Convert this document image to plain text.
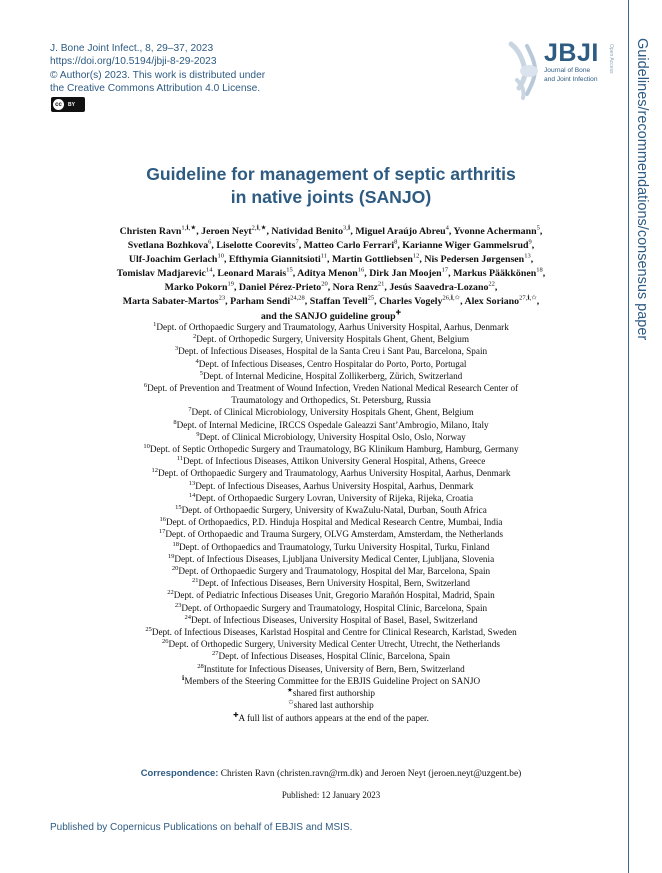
J. Bone Joint Infect., 8, 29–37, 2023
https://doi.org/10.5194/jbji-8-29-2023
© Author(s) 2023. This work is distributed under
the Creative Commons Attribution 4.0 License.
cc	BY
JBJI
Journal of Bone
and Joint Infection
Open Access Guidelines/recommendations/consensus paper
Guideline for management of septic arthritis
in native joints (SANJO)
Christen Ravn$^{1,ℹ,★}$, Jeroen Neyt$^{2,ℹ,★}$, Natividad Benito$^{3,ℹ}$, Miguel Araújo Abreu$^4$, Yvonne Achermann$^5$,
Svetlana Bozhkova$^6$, Liselotte Coorevits$^7$, Matteo Carlo Ferrari$^8$, Karianne Wiger Gammelsrud$^9$,
Ulf-Joachim Gerlach$^{10}$, Efthymia Giannitsioti$^{11}$, Martin Gottliebsen$^{12}$, Nis Pedersen Jørgensen$^{13}$,
Tomislav Madjarevic$^{14}$, Leonard Marais$^{15}$, Aditya Menon$^{16}$, Dirk Jan Moojen$^{17}$, Markus Pääkkönen$^{18}$,
Marko Pokorn$^{19}$, Daniel Pérez-Prieto$^{20}$, Nora Renz$^{21}$, Jesús Saavedra-Lozano$^{22}$,
Marta Sabater-Martos$^{23}$, Parham Sendi$^{24,28}$, Staffan Tevell$^{25}$, Charles Vogely$^{26,ℹ,✩}$, Alex Soriano$^{27,ℹ,✩}$,
and the SANJO guideline group✚
$^1$Dept. of Orthopaedic Surgery and Traumatology, Aarhus University Hospital, Aarhus, Denmark
$^2$Dept. of Orthopedic Surgery, University Hospitals Ghent, Ghent, Belgium
$^3$Dept. of Infectious Diseases, Hospital de la Santa Creu i Sant Pau, Barcelona, Spain
$^4$Dept. of Infectious Diseases, Centro Hospitalar do Porto, Porto, Portugal
$^5$Dept. of Internal Medicine, Hospital Zollikerberg, Zürich, Switzerland
$^6$Dept. of Prevention and Treatment of Wound Infection, Vreden National Medical Research Center of
Traumatology and Orthopedics, St. Petersburg, Russia
$^7$Dept. of Clinical Microbiology, University Hospitals Ghent, Ghent, Belgium
$^8$Dept. of Internal Medicine, IRCCS Ospedale Galeazzi Sant’Ambrogio, Milano, Italy
$^9$Dept. of Clinical Microbiology, University Hospital Oslo, Oslo, Norway
$^{10}$Dept. of Septic Orthopedic Surgery and Traumatology, BG Klinikum Hamburg, Hamburg, Germany
$^{11}$Dept. of Infectious Diseases, Attikon University General Hospital, Athens, Greece
$^{12}$Dept. of Orthopaedic Surgery and Traumatology, Aarhus University Hospital, Aarhus, Denmark
$^{13}$Dept. of Infectious Diseases, Aarhus University Hospital, Aarhus, Denmark
$^{14}$Dept. of Orthopaedic Surgery Lovran, University of Rijeka, Rijeka, Croatia
$^{15}$Dept. of Orthopaedic Surgery, University of KwaZulu-Natal, Durban, South Africa
$^{16}$Dept. of Orthopaedics, P.D. Hinduja Hospital and Medical Research Centre, Mumbai, India
$^{17}$Dept. of Orthopaedic and Trauma Surgery, OLVG Amsterdam, Amsterdam, the Netherlands
$^{18}$Dept. of Orthopaedics and Traumatology, Turku University Hospital, Turku, Finland
$^{19}$Dept. of Infectious Diseases, Ljubljana University Medical Center, Ljubljana, Slovenia
$^{20}$Dept. of Orthopaedic Surgery and Traumatology, Hospital del Mar, Barcelona, Spain
$^{21}$Dept. of Infectious Diseases, Bern University Hospital, Bern, Switzerland
$^{22}$Dept. of Pediatric Infectious Diseases Unit, Gregorio Marañón Hospital, Madrid, Spain
$^{23}$Dept. of Orthopaedic Surgery and Traumatology, Hospital Clínic, Barcelona, Spain
$^{24}$Dept. of Infectious Diseases, University Hospital of Basel, Basel, Switzerland
$^{25}$Dept. of Infectious Diseases, Karlstad Hospital and Centre for Clinical Research, Karlstad, Sweden
$^{26}$Dept. of Orthopedic Surgery, University Medical Center Utrecht, Utrecht, the Netherlands
$^{27}$Dept. of Infectious Diseases, Hospital Clínic, Barcelona, Spain
$^{28}$Institute for Infectious Diseases, University of Bern, Bern, Switzerland
$^ℹ$Members of the Steering Committee for the EBJIS Guideline Project on SANJO
★shared first authorship
✩shared last authorship
✚A full list of authors appears at the end of the paper.
Correspondence: Christen Ravn (christen.ravn@rm.dk) and Jeroen Neyt (jeroen.neyt@uzgent.be)
Published: 12 January 2023
Published by Copernicus Publications on behalf of EBJIS and MSIS.
